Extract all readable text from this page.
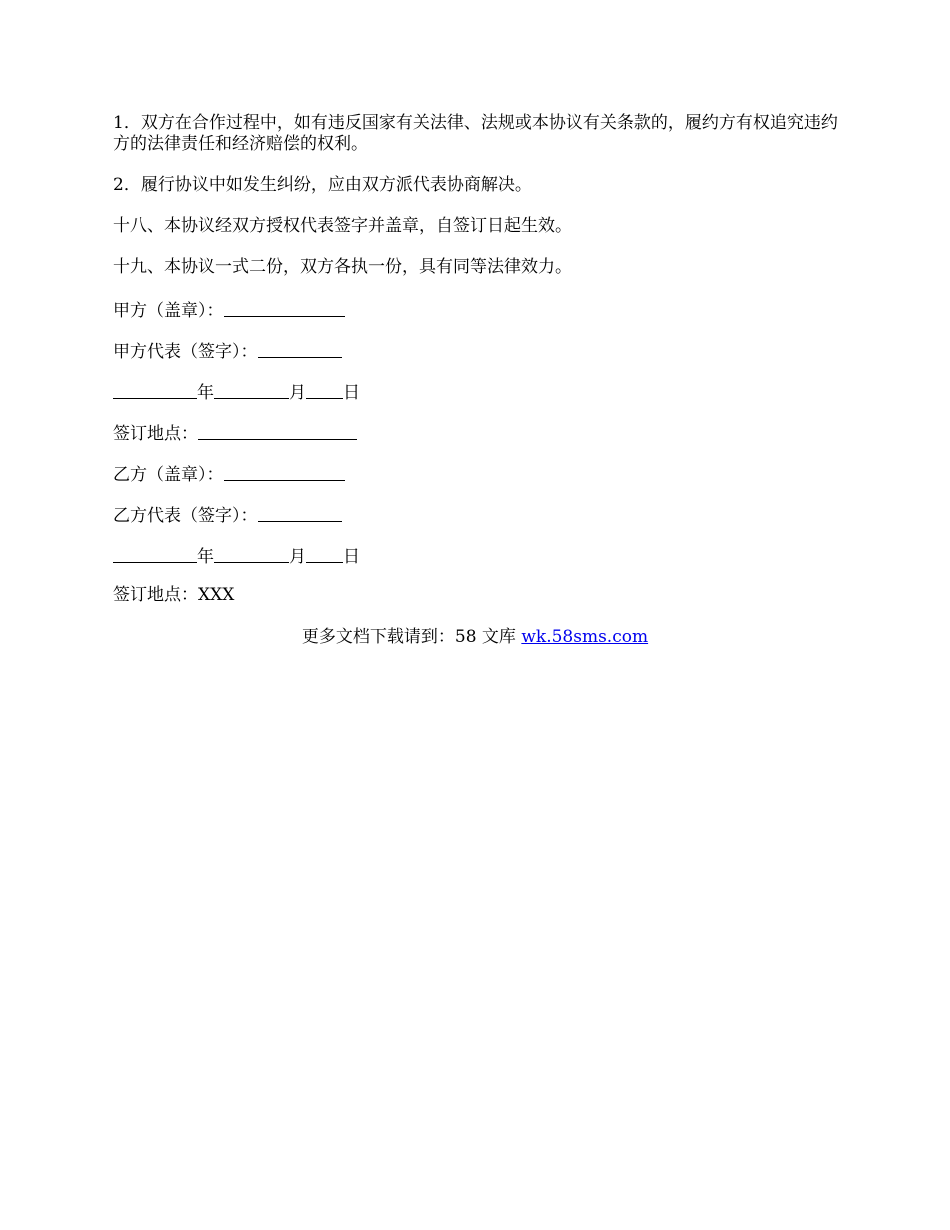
1．双方在合作过程中，如有违反国家有关法律、法规或本协议有关条款的，履约方有权追究违约方的法律责任和经济赔偿的权利。

2．履行协议中如发生纠纷，应由双方派代表协商解决。

十八、本协议经双方授权代表签字并盖章，自签订日起生效。

十九、本协议一式二份，双方各执一份，具有同等法律效力。

甲方（盖章）：

甲方代表（签字）：

年	月 日

签订地点：

乙方（盖章）：

乙方代表（签字）：

年	月 日

签订地点：XXX

更多文档下载请到：58 文库 wk.58sms.com
